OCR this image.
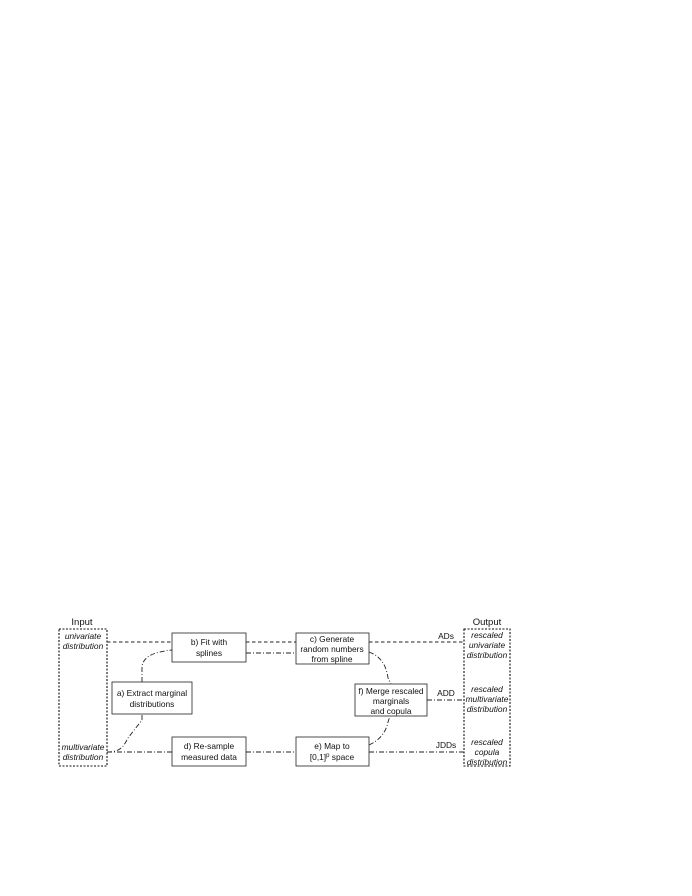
Input	Output
univariate
distribution
multivariate
distribution
rescaled
univariate
distribution
rescaled
multivariate
distribution
rescaled
copula
distribution
ADs
ADD
JDDs
a) Extract marginal
distributions
b) Fit with
splines
c) Generate
random numbers
from spline
d) Re-sample
measured data
e) Map to
$[0,1]^p$ space
f) Merge rescaled
marginals
and copula
